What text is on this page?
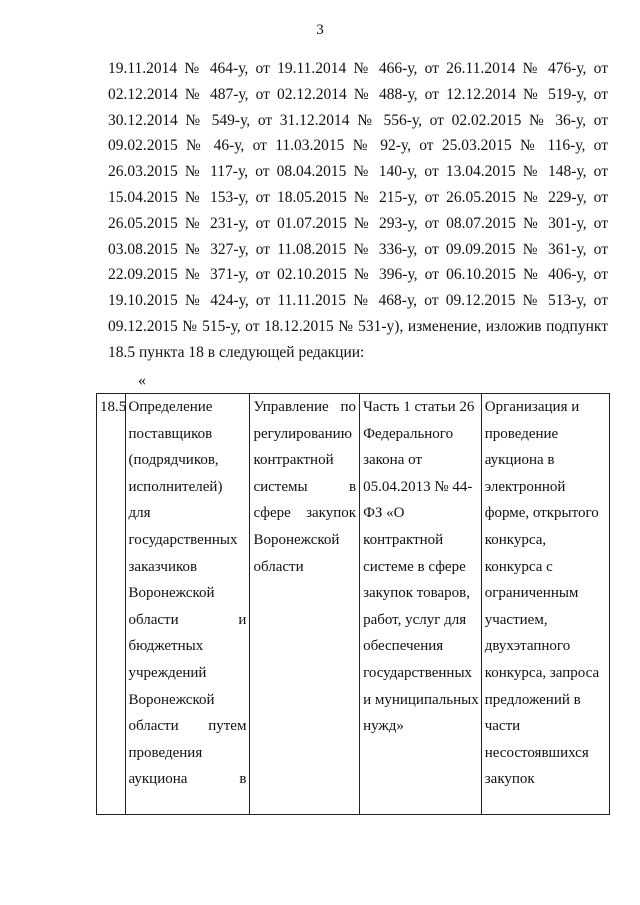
3
19.11.2014 № 464-у, от 19.11.2014 № 466-у, от 26.11.2014 № 476-у, от
02.12.2014 № 487-у, от 02.12.2014 № 488-у, от 12.12.2014 № 519-у, от
30.12.2014 № 549-у, от 31.12.2014 № 556-у, от 02.02.2015 № 36-у, от
09.02.2015 № 46-у, от 11.03.2015 № 92-у, от 25.03.2015 № 116-у, от
26.03.2015 № 117-у, от 08.04.2015 № 140-у, от 13.04.2015 № 148-у, от
15.04.2015 № 153-у, от 18.05.2015 № 215-у, от 26.05.2015 № 229-у, от
26.05.2015 № 231-у, от 01.07.2015 № 293-у, от 08.07.2015 № 301-у, от
03.08.2015 № 327-у, от 11.08.2015 № 336-у, от 09.09.2015 № 361-у, от
22.09.2015 № 371-у, от 02.10.2015 № 396-у, от 06.10.2015 № 406-у, от
19.10.2015 № 424-у, от 11.11.2015 № 468-у, от 09.12.2015 № 513-у, от
09.12.2015 № 515-у, от 18.12.2015 № 531-у), изменение, изложив подпункт
18.5 пункта 18 в следующей редакции:
«
18.5	Определение
поставщиков
(подрядчиков,
исполнителей)
для
государственных
заказчиков
Воронежской
области и
бюджетных
учреждений
Воронежской
области путем
проведения
аукциона в

Управление по
регулированию
контрактной
системы в
сфере закупок
Воронежской
области

Часть 1 статьи 26
Федерального
закона от
05.04.2013 № 44-
ФЗ «О
контрактной
системе в сфере
закупок товаров,
работ, услуг для
обеспечения
государственных
и муниципальных
нужд»

Организация и
проведение
аукциона в
электронной
форме, открытого
конкурса,
конкурса с
ограниченным
участием,
двухэтапного
конкурса, запроса
предложений в
части
несостоявшихся
закупок
